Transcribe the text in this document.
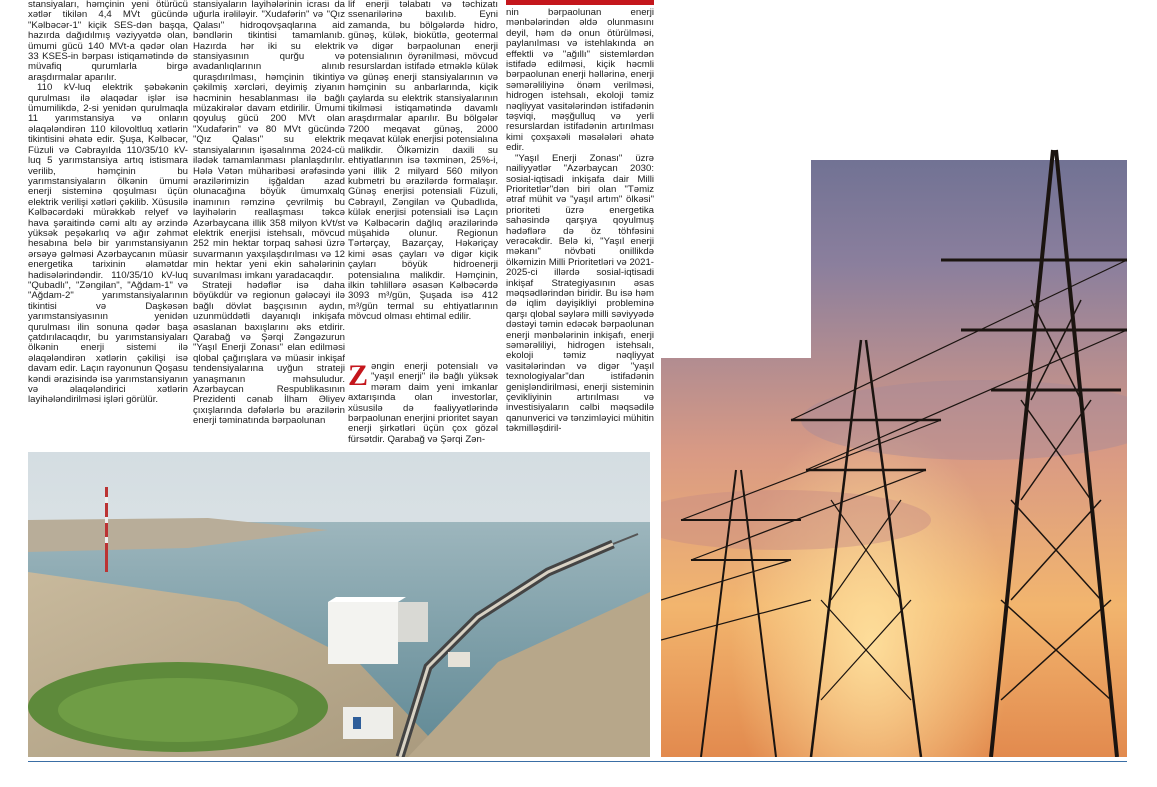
stansiyaları, həmçinin yeni ötürücü xətlər tikilən 4,4 MVt gücündə "Kəlbəcər-1" kiçik SES-dən başqa, hazırda dağıdılmış vəziyyətdə olan, ümumi gücü 140 MVt-a qədər olan 33 KSES-in bərpası istiqamətində də müvafiq qurumlarla birgə araşdırmalar aparılır.

110 kV-luq elektrik şəbəkənin qurulması ilə əlaqədar işlər isə ümumilikdə, 2-si yenidən qurulmaqla 11 yarımstansiya və onların əlaqələndirən 110 kilovoltluq xətlərin tikintisini əhatə edir. Şuşa, Kəlbəcər, Füzuli və Cəbrayılda 110/35/10 kV-luq 5 yarımstansiya artıq istismara verilib, həmçinin bu yarımstansiyaların ölkənin ümumi enerji sisteminə qoşulması üçün elektrik verilişi xətləri çəkilib. Xüsusilə Kəlbəcərdəki mürəkkəb relyef və hava şəraitində cəmi altı ay ərzində yüksək peşəkarlıq və ağır zəhmət hesabına belə bir yarımstansiyanın ərsəyə gəlməsi Azərbaycanın müasir energetika tarixinin əlamətdar hadisələrindəndir. 110/35/10 kV-luq "Qubadlı", "Zəngilan", "Ağdam-1" və "Ağdam-2" yarımstansiyalarının tikintisi və Daşkəsən yarımstansiyasının yenidən qurulması ilin sonuna qədər başa çatdırılacaqdır, bu yarımstansiyaları ölkənin enerji sistemi ilə əlaqələndirən xətlərin çəkilişi isə davam edir. Laçın rayonunun Qoşasu kəndi ərazisində isə yarımstansiyanın və əlaqələndirici xətlərin layihələndirilməsi işləri görülür.

stansiyaların layihələrinin icrası da uğurla irəliləyir. "Xudafərin" və "Qız Qalası" hidroqovşaqlarına aid bəndlərin tikintisi tamamlanıb. Hazırda hər iki su elektrik stansiyasının qurğu və avadanlıqlarının alınıb quraşdırılması, həmçinin tikintiyə çəkilmiş xərcləri, deyimiş ziyanın həcminin hesablanması ilə bağlı müzakirələr davam etdirilir. Ümumi qoyuluş gücü 200 MVt olan "Xudafərin" və 80 MVt gücündə "Qız Qalası" su elektrik stansiyalarının işəsalınma 2024-cü ilədək tamamlanması planlaşdırılır. Hələ Vətən müharibəsi ərəfəsində ərazilərimizin işğaldan azad olunacağına böyük ümumxalq inamının rəmzinə çevrilmiş bu layihələrin reallaşması təkcə Azərbaycana illik 358 milyon kVt/st elektrik enerjisi istehsalı, mövcud 252 min hektar torpaq sahəsi üzrə suvarmanın yaxşılaşdırılması və 12 min hektar yeni ekin sahələrinin suvarılması imkanı yaradacaqdır.

Strateji hədəflər isə daha böyükdür və regionun gələcəyi ilə bağlı dövlət başçısının aydın, uzunmüddətli dayanıqlı inkişafa əsaslanan baxışlarını əks etdirir. Qarabağ və Şərqi Zəngəzurun "Yaşıl Enerji Zonası" elan edilməsi qlobal çağırışlara və müasir inkişaf tendensiyalarına uyğun strateji yanaşmanın məhsuludur. Azərbaycan Respublikasının Prezidenti cənab İlham Əliyev çıxışlarında dəfələrlə bu ərazilərin enerji təminatında bərpaolunan

lif enerji təlabatı və təchizatı ssenarilərinə baxılıb. Eyni zamanda, bu bölgələrdə hidro, günəş, külək, biokütlə, geotermal və digər bərpaolunan enerji potensialının öyrənilməsi, mövcud resurslardan istifadə etməklə külək və günəş enerji stansiyalarının və həmçinin su anbarlarında, kiçik çaylarda su elektrik stansiyalarının tikilməsi istiqamətində davamlı araşdırmalar aparılır. Bu bölgələr 7200 meqavat günəş, 2000 meqavat külək enerjisi potensialına malikdir. Ölkəmizin daxili su ehtiyatlarının isə təxminən, 25%-i, yəni illik 2 milyard 560 milyon kubmetri bu ərazilərdə formalaşır. Günəş enerjisi potensiali Füzuli, Cəbrayıl, Zəngilan və Qubadlıda, külək enerjisi potensiali isə Laçın və Kəlbəcərin dağlıq ərazilərində müşahidə olunur. Regionun Tərtərçay, Bazarçay, Həkəriçay kimi əsas çayları və digər kiçik çayları böyük hidroenerji potensialına malikdir. Həmçinin, ilkin təhlillərə əsasən Kəlbəcərdə 3093 m³/gün, Şuşada isə 412 m³/gün termal su ehtiyatlarının mövcud olması ehtimal edilir.

Zəngin enerji potensialı və "yaşıl enerji" ilə bağlı yüksək məram daim yeni imkanlar axtarışında olan investorlar, xüsusilə də fəaliyyətlərində bərpaolunan enerjini prioritet sayan enerji şirkətləri üçün çox gözəl fürsətdir. Qarabağ və Şərqi Zən-

nin bərpaolunan enerji mənbələrindən əldə olunmasını deyil, həm də onun ötürülməsi, paylanılması və istehlakında ən effektli və "ağıllı" sistemlərdən istifadə edilməsi, kiçik həcmli bərpaolunan enerji həllərinə, enerji səmərəliliyinə önəm verilməsi, hidrogen istehsalı, ekoloji təmiz nəqliyyat vasitələrindən istifadənin təşviqi, məşğulluq və yerli resurslardan istifadənin artırılması kimi çoxşaxəli məsələləri əhatə edir.

"Yaşıl Enerji Zonası" üzrə nailiyyətlər "Azərbaycan 2030: sosial-iqtisadi inkişafa dair Milli Prioritetlər"dən biri olan "Təmiz ətraf mühit və "yaşıl artım" ölkəsi" prioriteti üzrə energetika sahəsində qarşıya qoyulmuş hədəflərə də öz töhfəsini verəcəkdir. Belə ki, "Yaşıl enerji məkanı" növbəti onillikdə ölkəmizin Milli Prioritetləri və 2021-2025-ci illərdə sosial-iqtisadi inkişaf Strategiyasının əsas məqsədlərindən biridir. Bu isə həm də iqlim dəyişikliyi probleminə qarşı qlobal səylərə milli səviyyədə dəstəyi təmin edəcək bərpaolunan enerji mənbələrinin inkişafı, enerji səmərəliliyi, hidrogen istehsalı, ekoloji təmiz nəqliyyat vasitələrindən və digər "yaşıl texnologiyalar"dan istifadənin genişləndirilməsi, enerji sisteminin çevikliyinin artırılması və investisiyaların cəlbi məqsədilə qanunverici və tənzimləyici mühitin təkmilləşdiril-
